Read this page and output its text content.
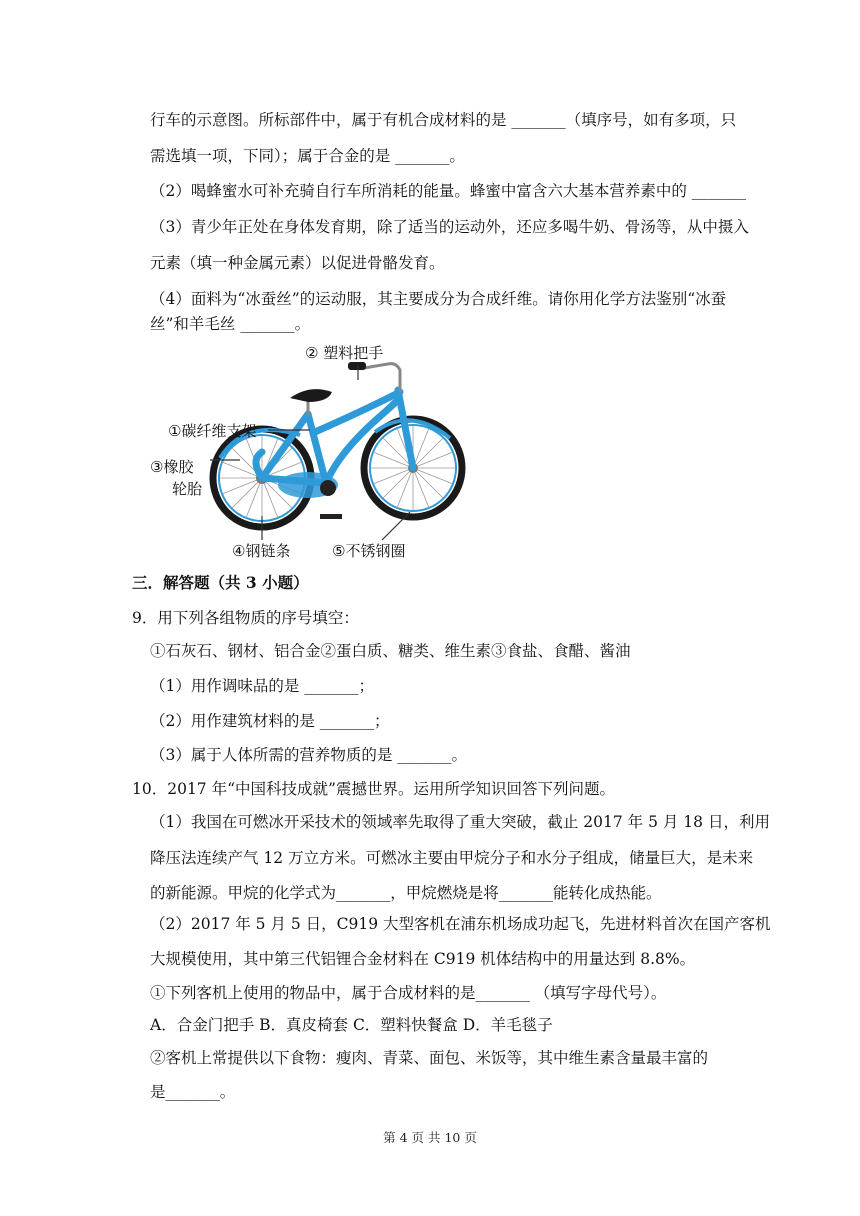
行车的示意图。所标部件中，属于有机合成材料的是 _______（填序号，如有多项，只
需选填一项，下同）；属于合金的是 _______。
（2）喝蜂蜜水可补充骑自行车所消耗的能量。蜂蜜中富含六大基本营养素中的 _______
（3）青少年正处在身体发育期，除了适当的运动外，还应多喝牛奶、骨汤等，从中摄入
元素（填一种金属元素）以促进骨骼发育。
（4）面料为“冰蚕丝”的运动服，其主要成分为合成纤维。请你用化学方法鉴别“冰蚕
丝”和羊毛丝 _______。
② 塑料把手
①碳纤维支架
③橡胶
轮胎
④钢链条	⑤不锈钢圈
三．解答题（共 3 小题）
9．用下列各组物质的序号填空：
①石灰石、钢材、铝合金②蛋白质、糖类、维生素③食盐、食醋、酱油
（1）用作调味品的是 _______；
（2）用作建筑材料的是 _______；
（3）属于人体所需的营养物质的是 _______。
10．2017 年“中国科技成就”震撼世界。运用所学知识回答下列问题。
（1）我国在可燃冰开采技术的领域率先取得了重大突破，截止 2017 年 5 月 18 日，利用
降压法连续产气 12 万立方米。可燃冰主要由甲烷分子和水分子组成，储量巨大，是未来
的新能源。甲烷的化学式为_______，甲烷燃烧是将_______能转化成热能。
（2）2017 年 5 月 5 日，C919 大型客机在浦东机场成功起飞，先进材料首次在国产客机
大规模使用，其中第三代铝锂合金材料在 C919 机体结构中的用量达到 8.8%。
①下列客机上使用的物品中，属于合成材料的是_______ （填写字母代号）。
A．合金门把手 B．真皮椅套 C．塑料快餐盒 D．羊毛毯子
②客机上常提供以下食物：瘦肉、青菜、面包、米饭等，其中维生素含量最丰富的
是_______。
第 4 页 共 10 页
